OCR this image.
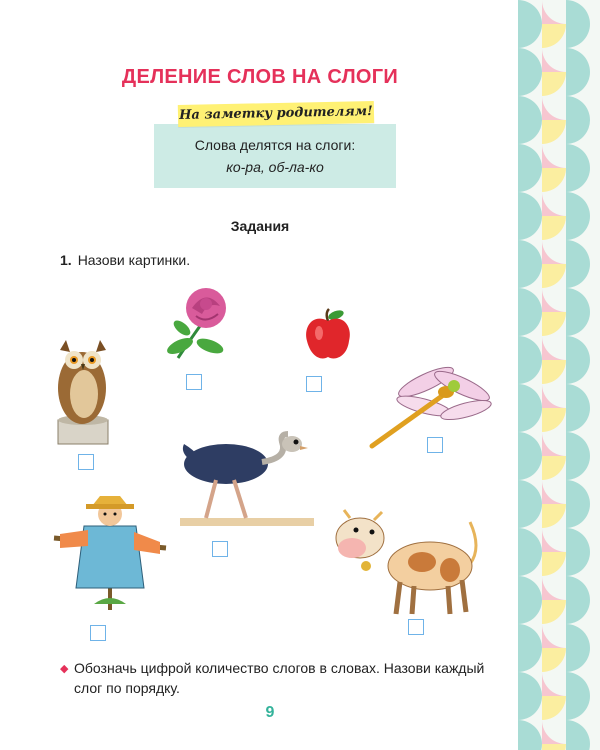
ДЕЛЕНИЕ СЛОВ НА СЛОГИ
Слова делятся на слоги:
ко-ра, об-ла-ко
На заметку родителям!
Задания
1. Назови картинки.
◆ Обозначь цифрой количество слогов в словах. Назови каждый слог по порядку.
9
